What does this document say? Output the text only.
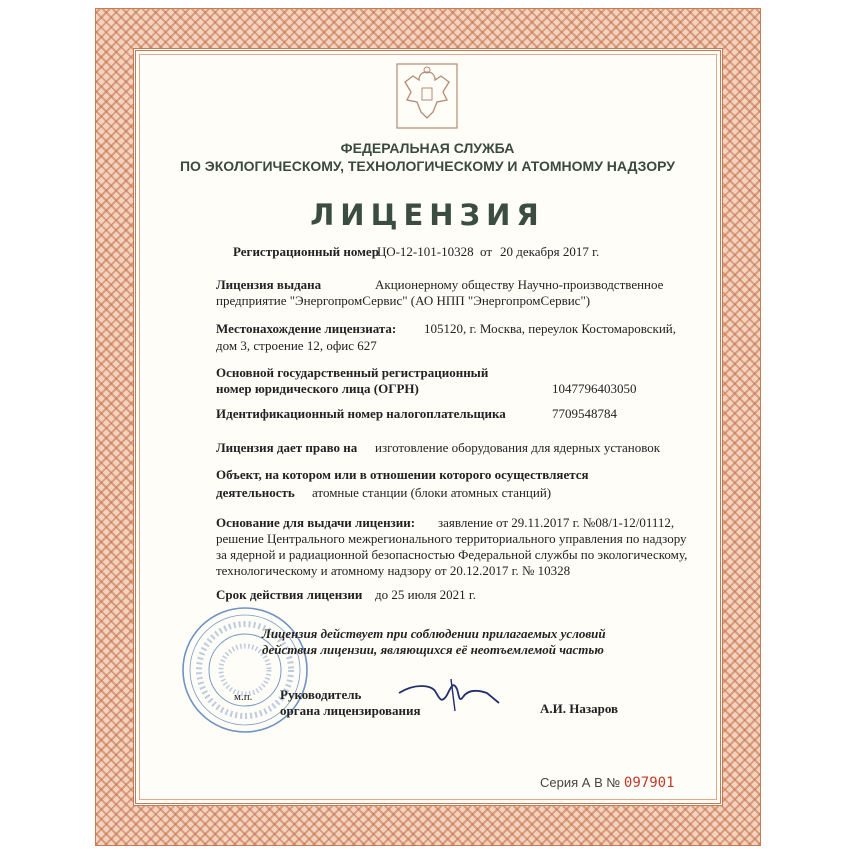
ФЕДЕРАЛЬНАЯ СЛУЖБА
ПО ЭКОЛОГИЧЕСКОМУ, ТЕХНОЛОГИЧЕСКОМУ И АТОМНОМУ НАДЗОРУ
ЛИЦЕНЗИЯ
Регистрационный номер
ЦО-12-101-10328 от 20 декабря 2017 г.
Лицензия выдана	Акционерному обществу Научно-производственное
предприятие "ЭнергопромСервис" (АО НПП "ЭнергопромСервис")
Местонахождение лицензиата: 105120, г. Москва, переулок Костомаровский,
дом 3, строение 12, офис 627
Основной государственный регистрационный
номер юридического лица (ОГРН)	1047796403050
Идентификационный номер налогоплательщика	7709548784
Лицензия дает право на изготовление оборудования для ядерных установок
Объект, на котором или в отношении которого осуществляется
деятельность атомные станции (блоки атомных станций)
Основание для выдачи лицензии: заявление от 29.11.2017 г. №08/1-12/01112,
решение Центрального межрегионального территориального управления по надзору
за ядерной и радиационной безопасностью Федеральной службы по экологическому,
технологическому и атомному надзору от 20.12.2017 г. № 10328
Срок действия лицензии до 25 июля 2021 г.
Лицензия действует при соблюдении прилагаемых условий
действия лицензии, являющихся её неотъемлемой частью
м.п. Руководитель
органа лицензирования	А.И. Назаров
Серия А В № 097901
